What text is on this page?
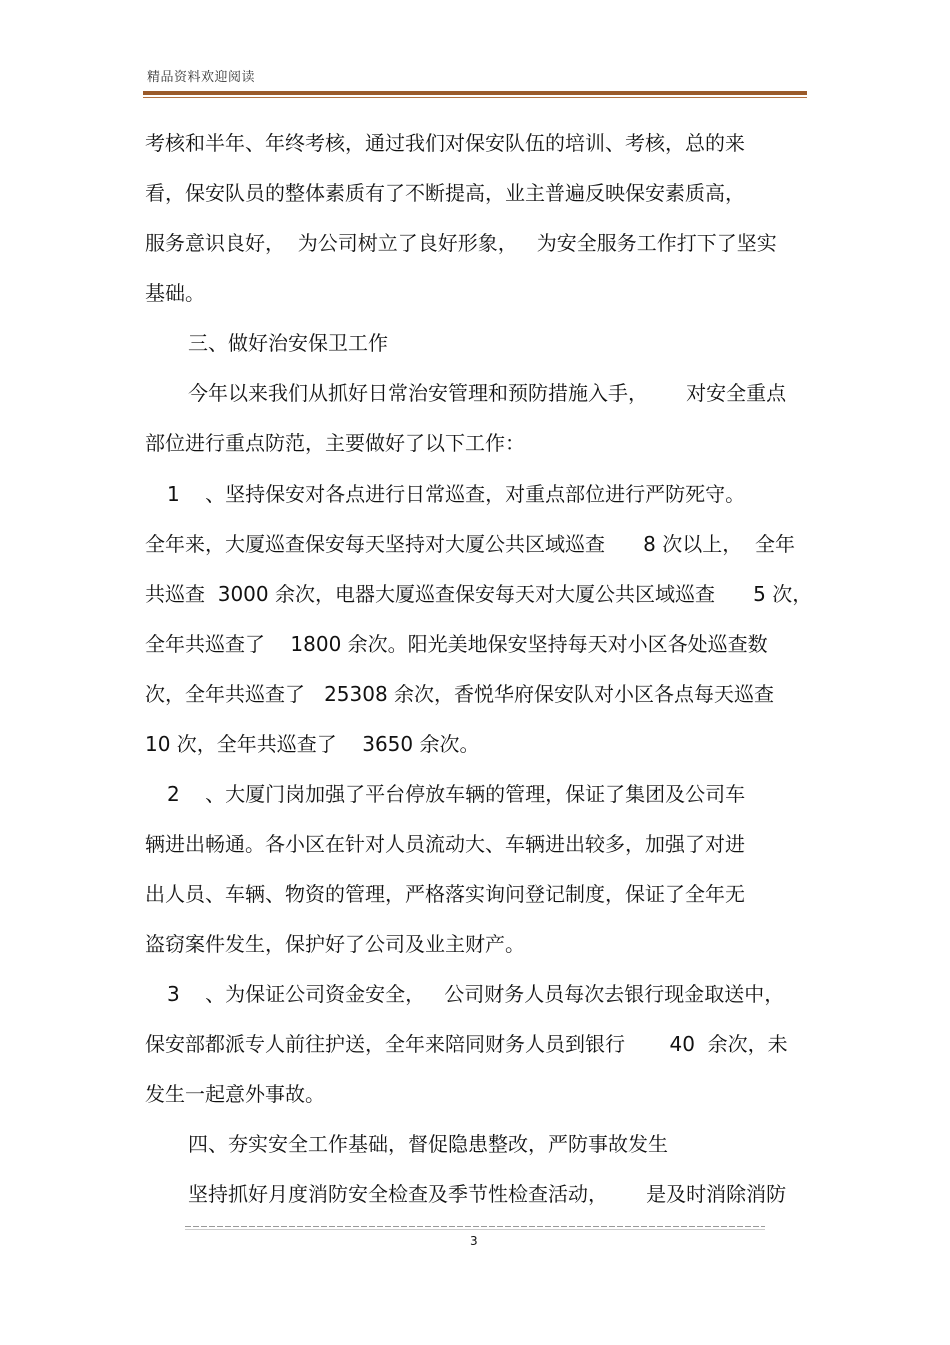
精品资料欢迎阅读
考核和半年、年终考核，通过我们对保安队伍的培训、考核，总的来
看，保安队员的整体素质有了不断提高，业主普遍反映保安素质高，
服务意识良好，  为公司树立了良好形象，   为安全服务工作打下了坚实
基础。
三、做好治安保卫工作
今年以来我们从抓好日常治安管理和预防措施入手，      对安全重点
部位进行重点防范，主要做好了以下工作：
1    、坚持保安对各点进行日常巡查，对重点部位进行严防死守。
全年来，大厦巡查保安每天坚持对大厦公共区域巡查      8 次以上，  全年
共巡查  3000 余次，电器大厦巡查保安每天对大厦公共区域巡查      5 次，
全年共巡查了    1800 余次。阳光美地保安坚持每天对小区各处巡查数
次，全年共巡查了   25308 余次，香悦华府保安队对小区各点每天巡查
10 次，全年共巡查了    3650 余次。
2    、大厦门岗加强了平台停放车辆的管理，保证了集团及公司车
辆进出畅通。各小区在针对人员流动大、车辆进出较多，加强了对进
出人员、车辆、物资的管理，严格落实询问登记制度，保证了全年无
盗窃案件发生，保护好了公司及业主财产。
3    、为保证公司资金安全，   公司财务人员每次去银行现金取送中，
保安部都派专人前往护送，全年来陪同财务人员到银行       40  余次，未
发生一起意外事故。
四、夯实安全工作基础，督促隐患整改，严防事故发生
坚持抓好月度消防安全检查及季节性检查活动，      是及时消除消防
3
